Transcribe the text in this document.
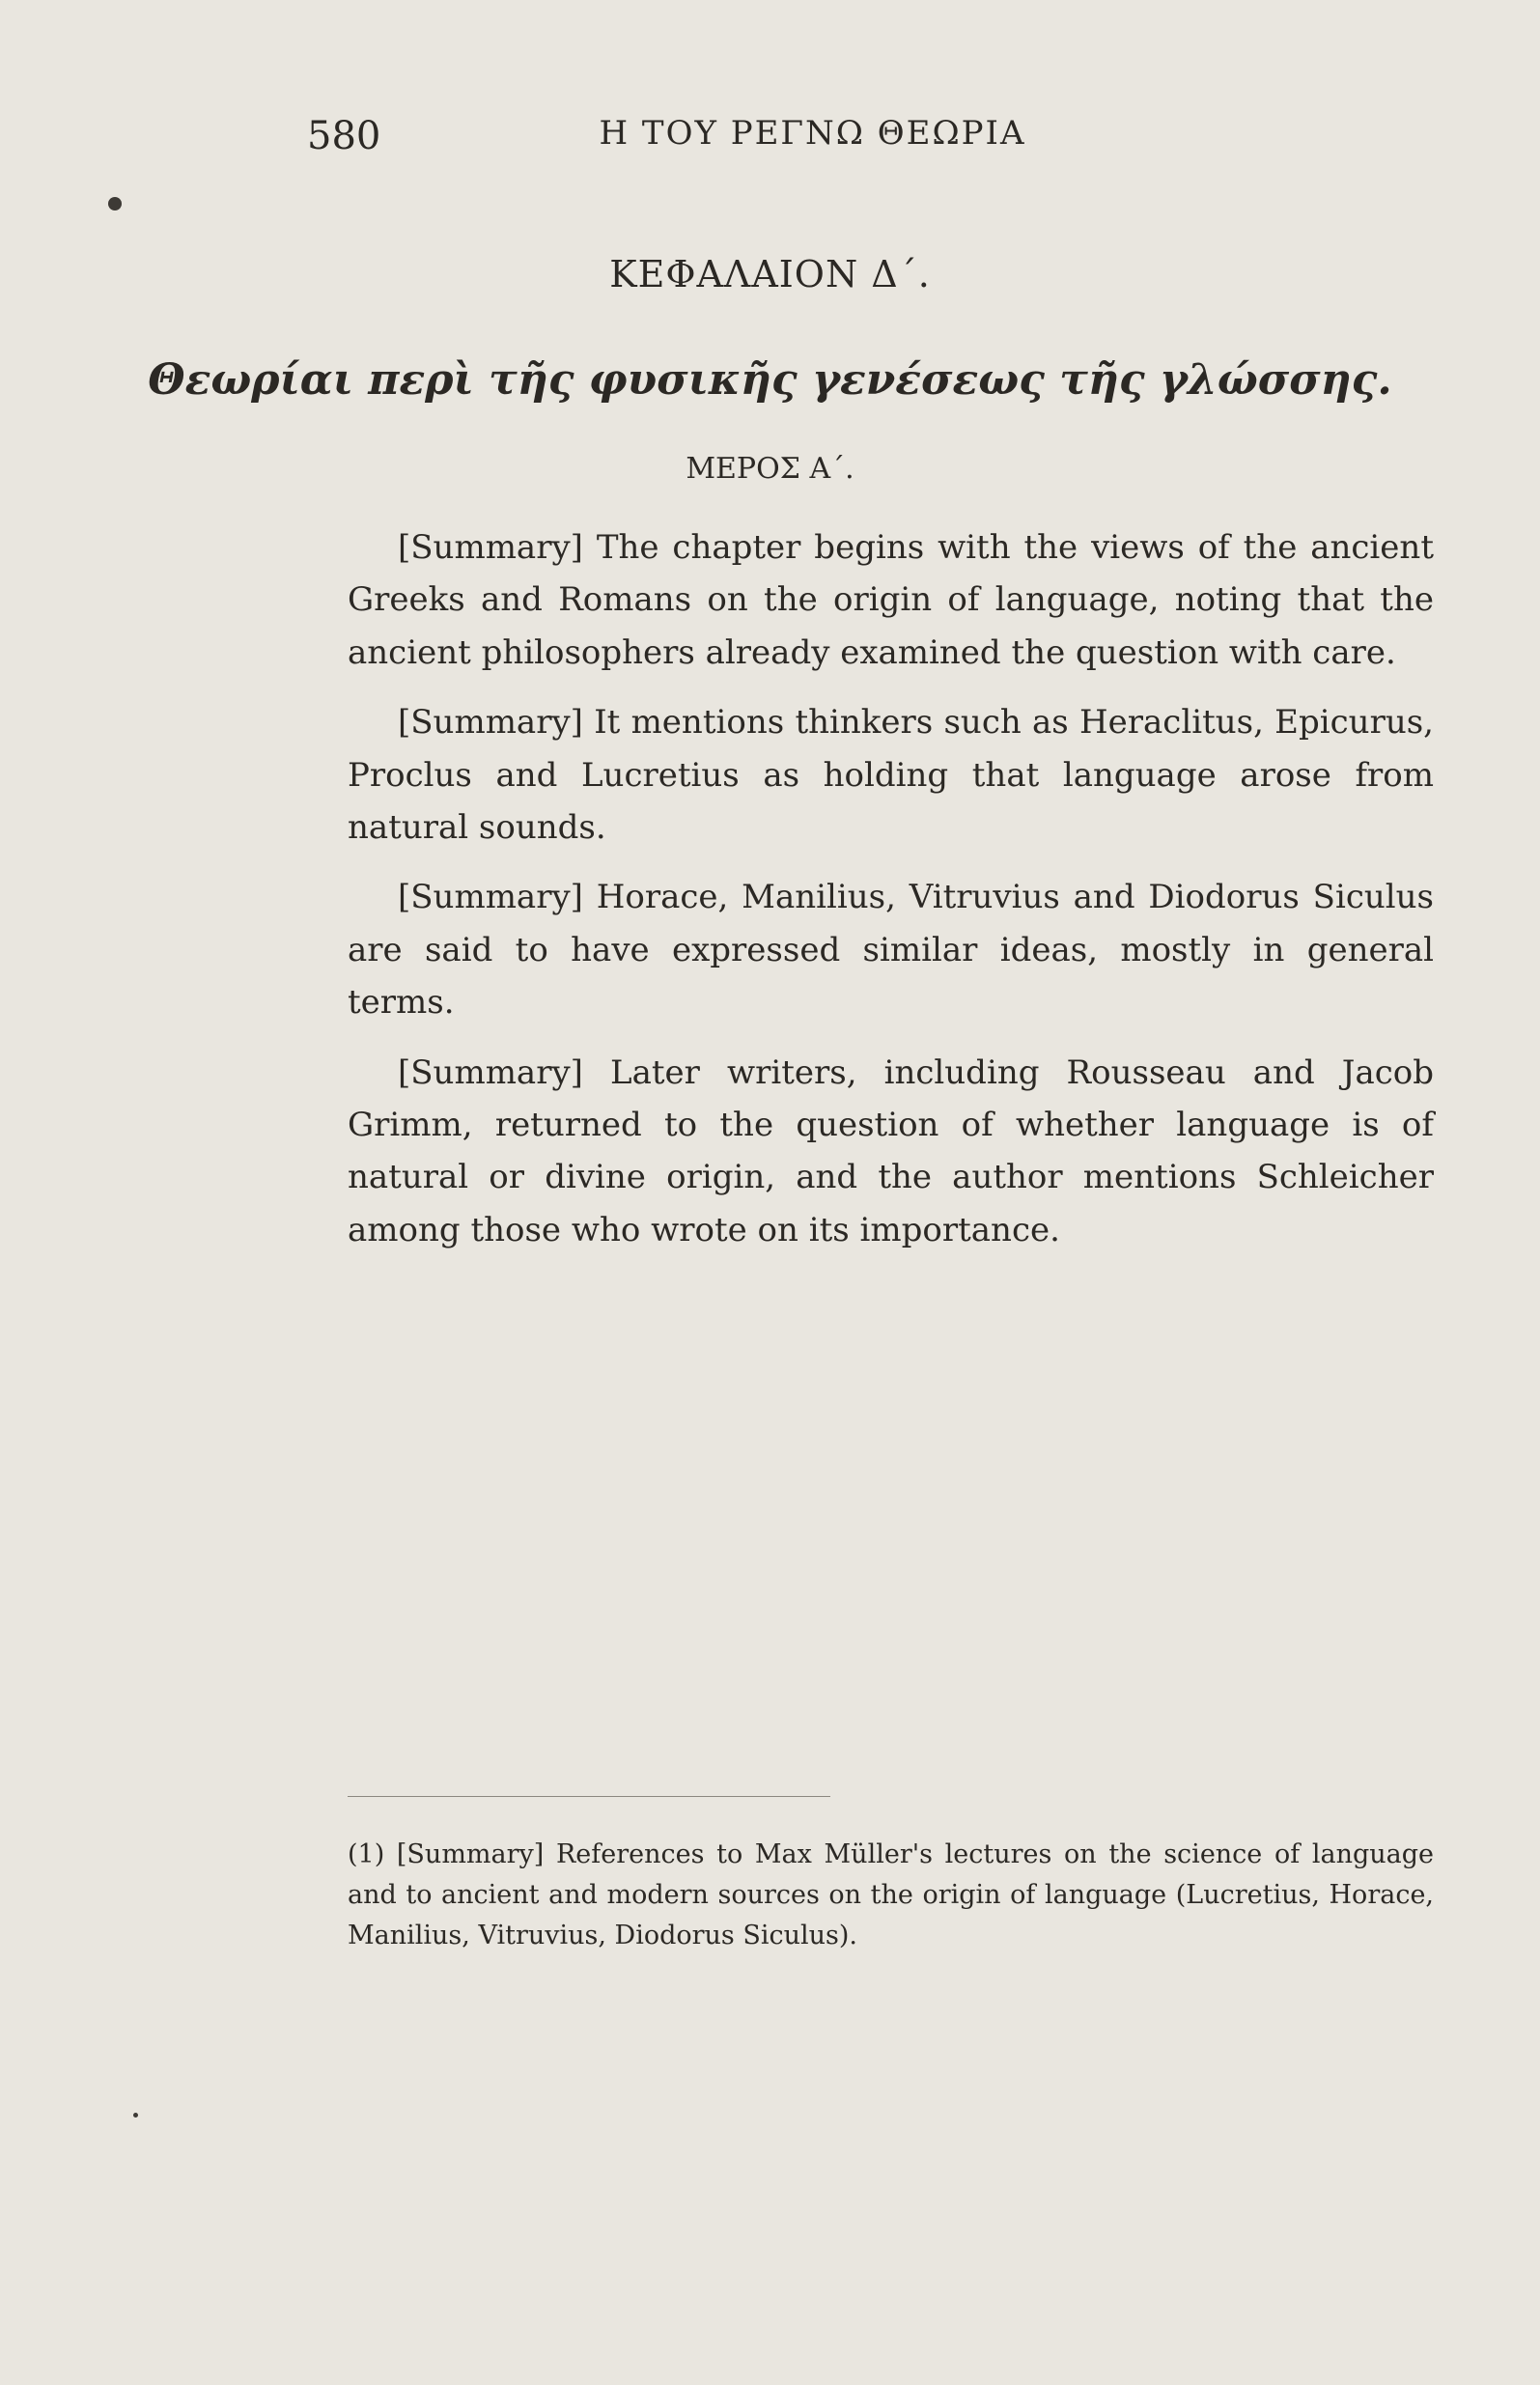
580	Η ΤΟΥ ΡΕΓΝΩ ΘΕΩΡΙΑ
ΚΕΦΑΛΑΙΟΝ Δ΄.
Θεωρίαι περὶ τῆς φυσικῆς γενέσεως τῆς γλώσσης.
ΜΕΡΟΣ Α΄.

[Summary] The chapter begins with the views of the ancient Greeks and Romans on the origin of language, noting that the ancient philosophers already examined the question with care.

[Summary] It mentions thinkers such as Heraclitus, Epicurus, Proclus and Lucretius as holding that language arose from natural sounds.

[Summary] Horace, Manilius, Vitruvius and Diodorus Siculus are said to have expressed similar ideas, mostly in general terms.

[Summary] Later writers, including Rousseau and Jacob Grimm, returned to the question of whether language is of natural or divine origin, and the author mentions Schleicher among those who wrote on its importance.

(1) [Summary] References to Max Müller's lectures on the science of language and to ancient and modern sources on the origin of language (Lucretius, Horace, Manilius, Vitruvius, Diodorus Siculus).
